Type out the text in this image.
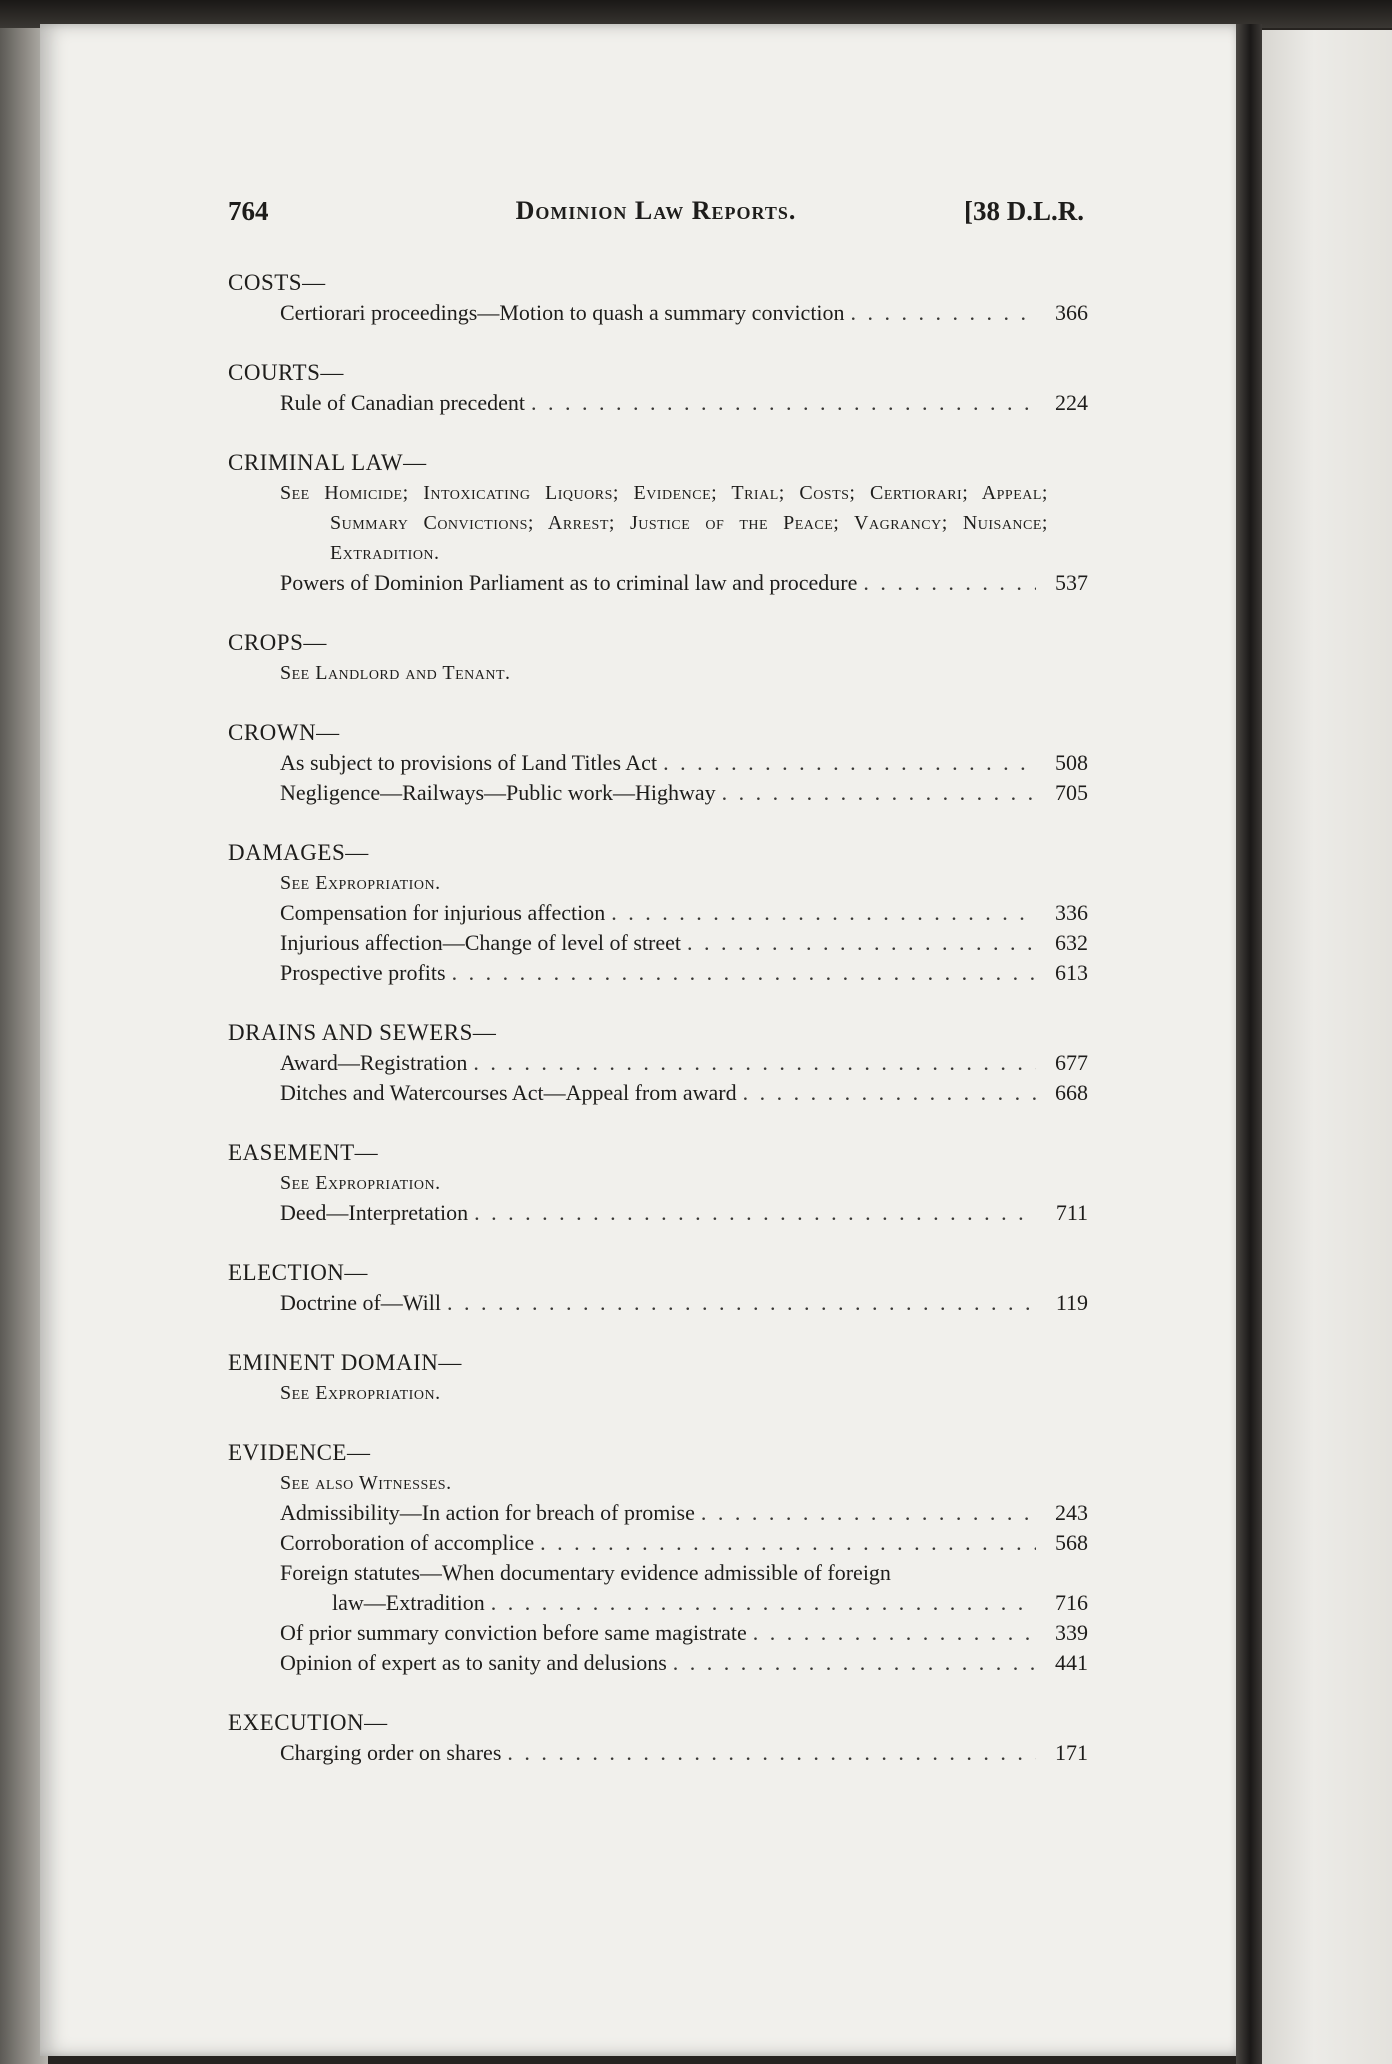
764	Dominion Law Reports.	[38 D.L.R.
COSTS—
Certiorari proceedings—Motion to quash a summary conviction . . .	366
COURTS—
Rule of Canadian precedent . . .	224
CRIMINAL LAW—
See Homicide; Intoxicating Liquors; Evidence; Trial; Costs; Certiorari; Appeal; Summary Convictions; Arrest; Justice of the Peace; Vagrancy; Nuisance; Extradition.
Powers of Dominion Parliament as to criminal law and procedure . . .	537
CROPS—
See Landlord and Tenant.
CROWN—
As subject to provisions of Land Titles Act . . .	508
Negligence—Railways—Public work—Highway . . .	705
DAMAGES—
See Expropriation.
Compensation for injurious affection . . .	336
Injurious affection—Change of level of street . . .	632
Prospective profits . . .	613
DRAINS AND SEWERS—
Award—Registration . . .	677
Ditches and Watercourses Act—Appeal from award . . .	668
EASEMENT—
See Expropriation.
Deed—Interpretation . . .	711
ELECTION—
Doctrine of—Will . . .	119
EMINENT DOMAIN—
See Expropriation.
EVIDENCE—
See also Witnesses.
Admissibility—In action for breach of promise . . .	243
Corroboration of accomplice . . .	568
Foreign statutes—When documentary evidence admissible of foreign
law—Extradition . . .	716
Of prior summary conviction before same magistrate . . .	339
Opinion of expert as to sanity and delusions . . .	441
EXECUTION—
Charging order on shares . . .	171
